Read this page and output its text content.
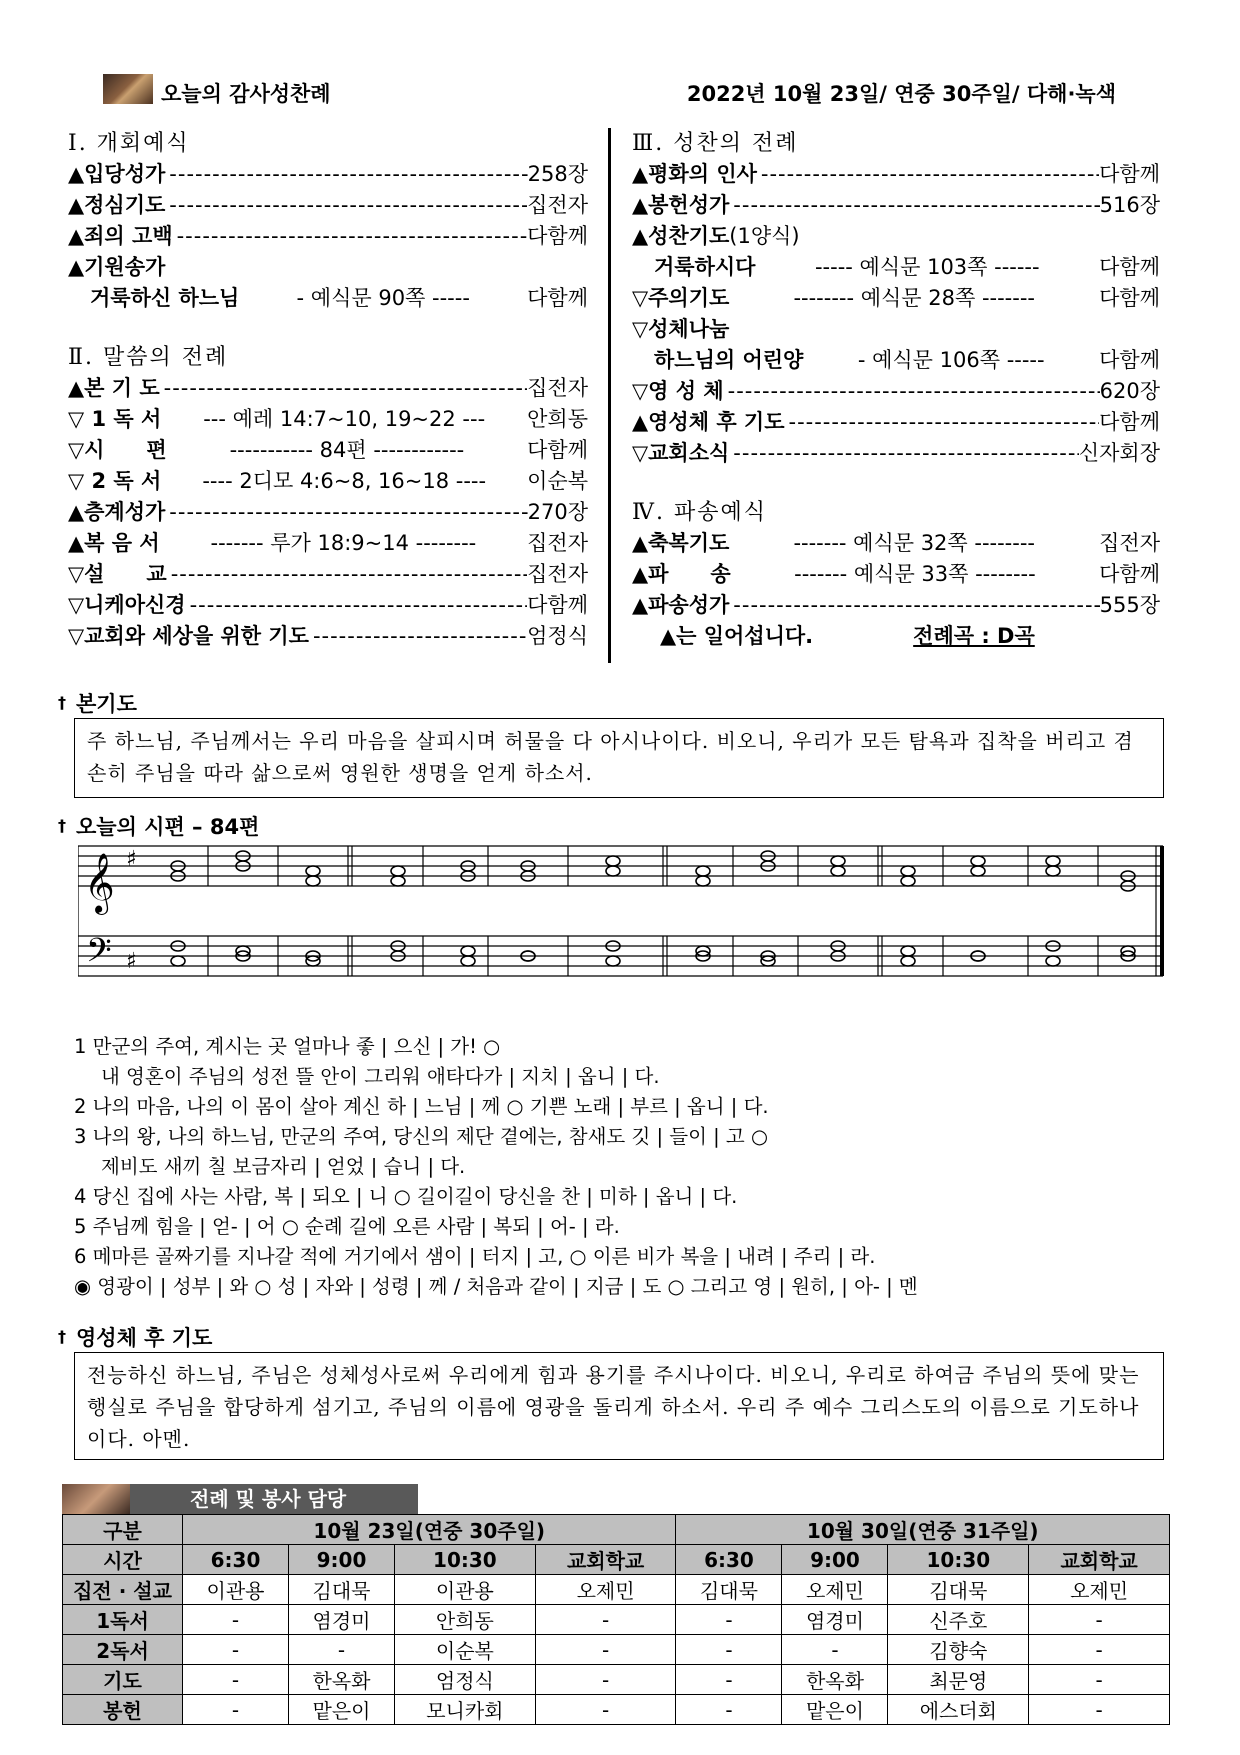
오늘의 감사성찬례	2022년 10월 23일/ 연중 30주일/ 다해·녹색
Ⅰ. 개회예식
▲입당성가 -----	258장
▲정심기도 -----	집전자
▲죄의 고백 -----	다함께
▲기원송가
거룩하신 하느님	- 예식문 90쪽 -----	다함께
Ⅱ. 말씀의 전례
▲본 기 도 -----	집전자
▽ 1 독 서	--- 예레 14:7~10, 19~22 ---	안희동
▽시　　편	----------- 84편 ------------	다함께
▽ 2 독 서	---- 2디모 4:6~8, 16~18 ----	이순복
▲층계성가 -----	270장
▲복 음 서	------- 루가 18:9~14 --------	집전자
▽설　　교 -----	집전자
▽니케아신경 -----	다함께
▽교회와 세상을 위한 기도 -----	엄정식
Ⅲ. 성찬의 전례
▲평화의 인사 -----	다함께
▲봉헌성가 -----	516장
▲성찬기도 (1양식)
거룩하시다	----- 예식문 103쪽 ------	다함께
▽주의기도	-------- 예식문 28쪽 -------	다함께
▽성체나눔
하느님의 어린양	- 예식문 106쪽 -----	다함께
▽영 성 체 -----	620장
▲영성체 후 기도 -----	다함께
▽교회소식 -----	신자회장
Ⅳ. 파송예식
▲축복기도	------- 예식문 32쪽 --------	집전자
▲파　　송	------- 예식문 33쪽 --------	다함께
▲파송성가 -----	555장
▲는 일어섭니다.	전례곡 : D곡
† 본기도
주 하느님, 주님께서는 우리 마음을 살피시며 허물을 다 아시나이다. 비오니, 우리가 모든 탐욕과 집착을 버리고 겸손히 주님을 따라 삶으로써 영원한 생명을 얻게 하소서.
† 오늘의 시편 – 84편
𝄞 ♯
𝄢 ♯
1 만군의 주여, 계시는 곳 얼마나 좋 | 으신 | 가! ○
내 영혼이 주님의 성전 뜰 안이 그리워 애타다가 | 지치 | 옵니 | 다.
2 나의 마음, 나의 이 몸이 살아 계신 하 | 느님 | 께 ○ 기쁜 노래 | 부르 | 옵니 | 다.
3 나의 왕, 나의 하느님, 만군의 주여, 당신의 제단 곁에는, 참새도 깃 | 들이 | 고 ○
제비도 새끼 칠 보금자리 | 얻었 | 습니 | 다.
4 당신 집에 사는 사람, 복 | 되오 | 니 ○ 길이길이 당신을 찬 | 미하 | 옵니 | 다.
5 주님께 힘을 | 얻- | 어 ○ 순례 길에 오른 사람 | 복되 | 어- | 라.
6 메마른 골짜기를 지나갈 적에 거기에서 샘이 | 터지 | 고, ○ 이른 비가 복을 | 내려 | 주리 | 라.
◉ 영광이 | 성부 | 와 ○ 성 | 자와 | 성령 | 께 / 처음과 같이 | 지금 | 도 ○ 그리고 영 | 원히, | 아- | 멘
† 영성체 후 기도
전능하신 하느님, 주님은 성체성사로써 우리에게 힘과 용기를 주시나이다. 비오니, 우리로 하여금 주님의 뜻에 맞는 행실로 주님을 합당하게 섬기고, 주님의 이름에 영광을 돌리게 하소서. 우리 주 예수 그리스도의 이름으로 기도하나이다. 아멘.
전례 및 봉사 담당
구분	10월 23일(연중 30주일)				10월 30일(연중 31주일)			
시간	6:30	9:00	10:30	교회학교	6:30	9:00	10:30	교회학교
집전 · 설교	이관용	김대묵	이관용	오제민	김대묵	오제민	김대묵	오제민
1독서	-	염경미	안희동	-	-	염경미	신주호	-
2독서	-	-	이순복	-	-	-	김향숙	-
기도	-	한옥화	엄정식	-	-	한옥화	최문영	-
봉헌	-	맡은이	모니카회	-	-	맡은이	에스더회	-
